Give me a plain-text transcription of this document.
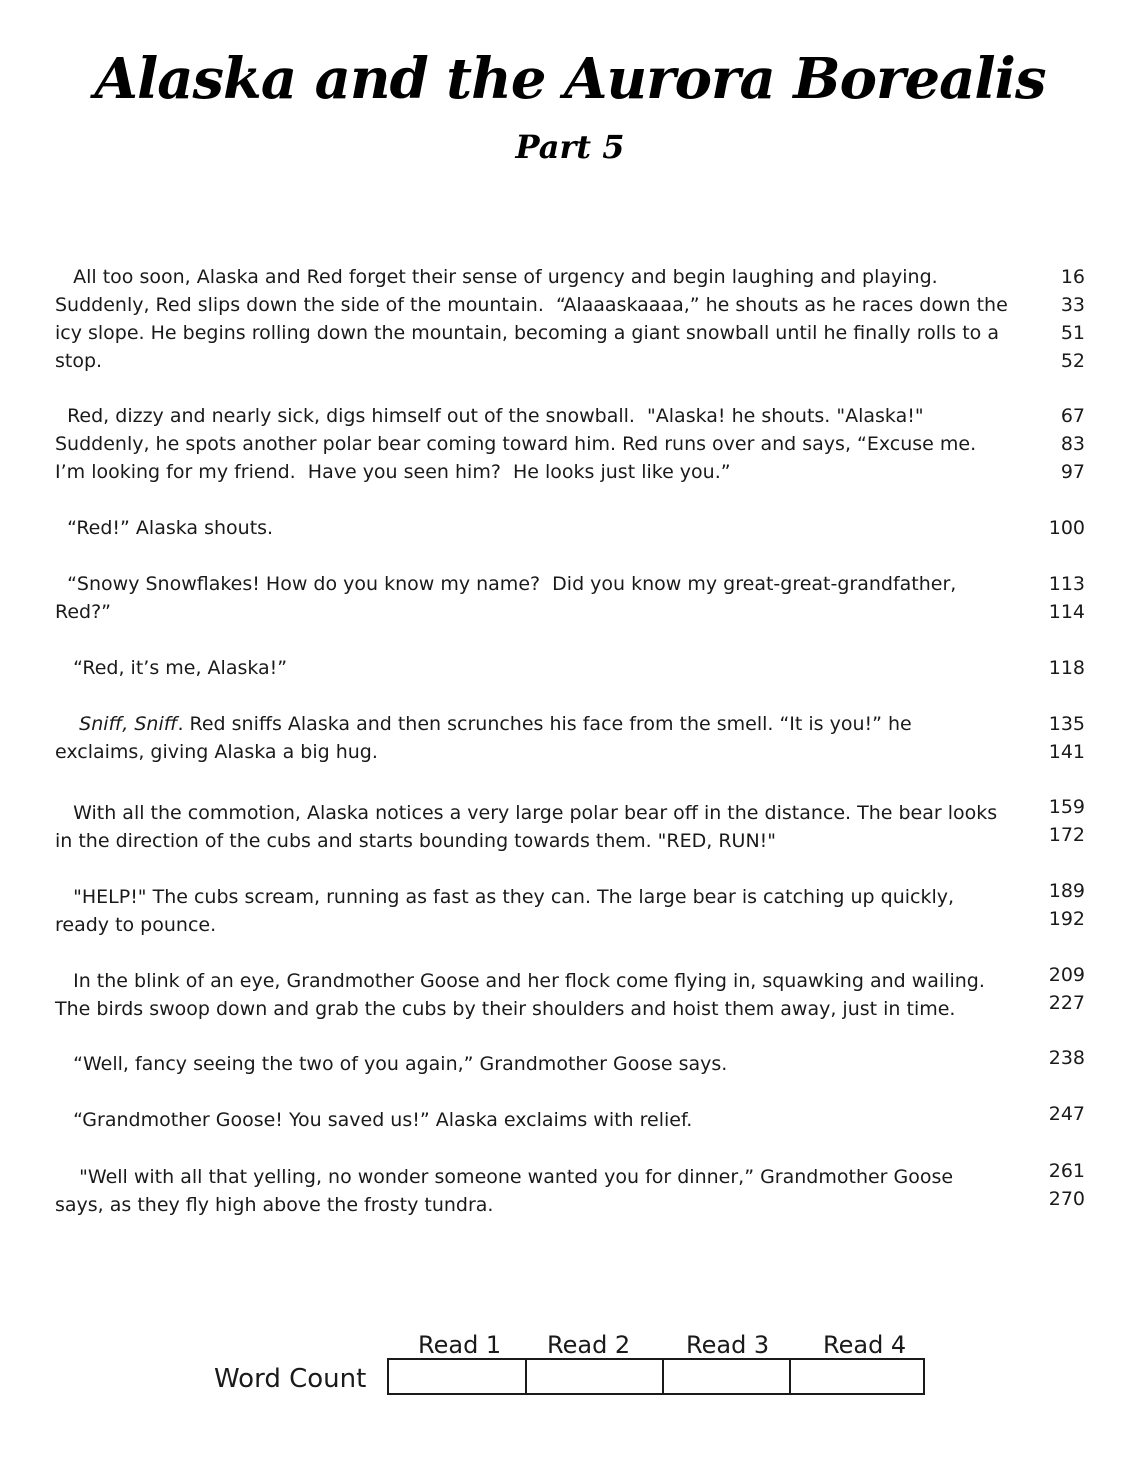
Alaska and the Aurora Borealis
Part 5
All too soon, Alaska and Red forget their sense of urgency and begin laughing and playing.	16
Suddenly, Red slips down the side of the mountain.  “Alaaaskaaaa,” he shouts as he races down the	33
icy slope. He begins rolling down the mountain, becoming a giant snowball until he finally rolls to a	51
stop.	52
Red, dizzy and nearly sick, digs himself out of the snowball.  "Alaska! he shouts. "Alaska!"	67
Suddenly, he spots another polar bear coming toward him. Red runs over and says, “Excuse me.	83
I’m looking for my friend.  Have you seen him?  He looks just like you.”	97
“Red!” Alaska shouts.	100
“Snowy Snowflakes! How do you know my name?  Did you know my great-great-grandfather,	113
Red?”	114
“Red, it’s me, Alaska!”	118
Sniff, Sniff. Red sniffs Alaska and then scrunches his face from the smell. “It is you!” he	135
exclaims, giving Alaska a big hug.	141
With all the commotion, Alaska notices a very large polar bear off in the distance. The bear looks	159
in the direction of the cubs and starts bounding towards them. "RED, RUN!"	172
"HELP!" The cubs scream, running as fast as they can. The large bear is catching up quickly,	189
ready to pounce.	192
In the blink of an eye, Grandmother Goose and her flock come flying in, squawking and wailing.	209
The birds swoop down and grab the cubs by their shoulders and hoist them away, just in time.	227
“Well, fancy seeing the two of you again,” Grandmother Goose says.	238
“Grandmother Goose! You saved us!” Alaska exclaims with relief.	247
"Well with all that yelling, no wonder someone wanted you for dinner,” Grandmother Goose	261
says, as they fly high above the frosty tundra.	270
Read 1 Read 2 Read 3 Read 4
Word Count
